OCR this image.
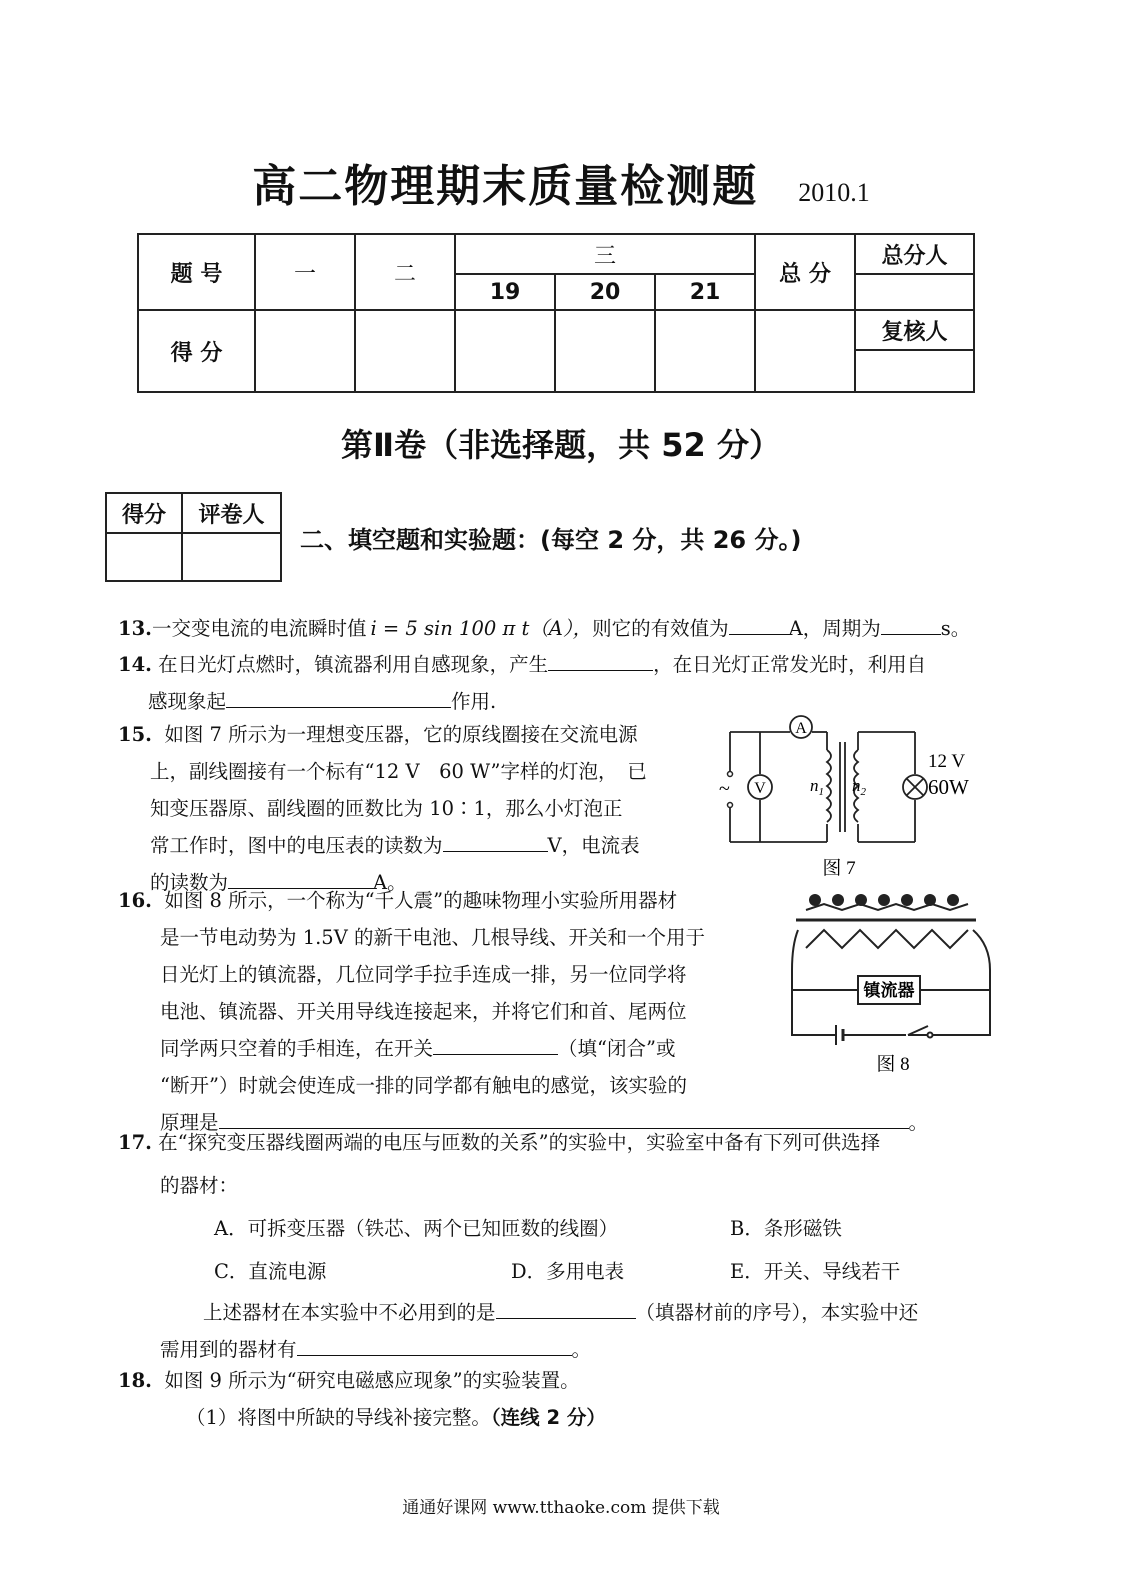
高二物理期末质量检测题 2010.1
题 号	一	二	三			总 分	总分人
			19	20	21		
得 分							复核人

第Ⅱ卷（非选择题，共 52 分）
得分	评卷人

二、填空题和实验题：(每空 2 分，共 26 分。)
13.一交变电流的电流瞬时值 i = 5 sin 100 π t（A），则它的有效值为	A，周期为	s。
14. 在日光灯点燃时，镇流器利用自感现象，产生	，在日光灯正常发光时，利用自
感现象起	作用.
15. 如图 7 所示为一理想变压器，它的原线圈接在交流电源
上，副线圈接有一个标有“12 V　60 W”字样的灯泡，　已
知变压器原、副线圈的匝数比为 10∶1，那么小灯泡正
常工作时，图中的电压表的读数为	V，电流表
的读数为	A。
A
V
~	$n_1$ $n_2$
12 V
60W
图 7
16. 如图 8 所示，一个称为“千人震”的趣味物理小实验所用器材
是一节电动势为 1.5V 的新干电池、几根导线、开关和一个用于
日光灯上的镇流器，几位同学手拉手连成一排，另一位同学将
电池、镇流器、开关用导线连接起来，并将它们和首、尾两位
同学两只空着的手相连，在开关	（填“闭合”或
“断开”）时就会使连成一排的同学都有触电的感觉，该实验的
原理是	。
镇流器
图 8
17. 在“探究变压器线圈两端的电压与匝数的关系”的实验中，实验室中备有下列可供选择
的器材：
A．可拆变压器（铁芯、两个已知匝数的线圈）	B．条形磁铁
C．直流电源	D．多用电表	E．开关、导线若干
上述器材在本实验中不必用到的是	（填器材前的序号），本实验中还
需用到的器材有	。
18. 如图 9 所示为“研究电磁感应现象”的实验装置。
（1）将图中所缺的导线补接完整。（连线 2 分）
通通好课网 www.tthaoke.com 提供下载
